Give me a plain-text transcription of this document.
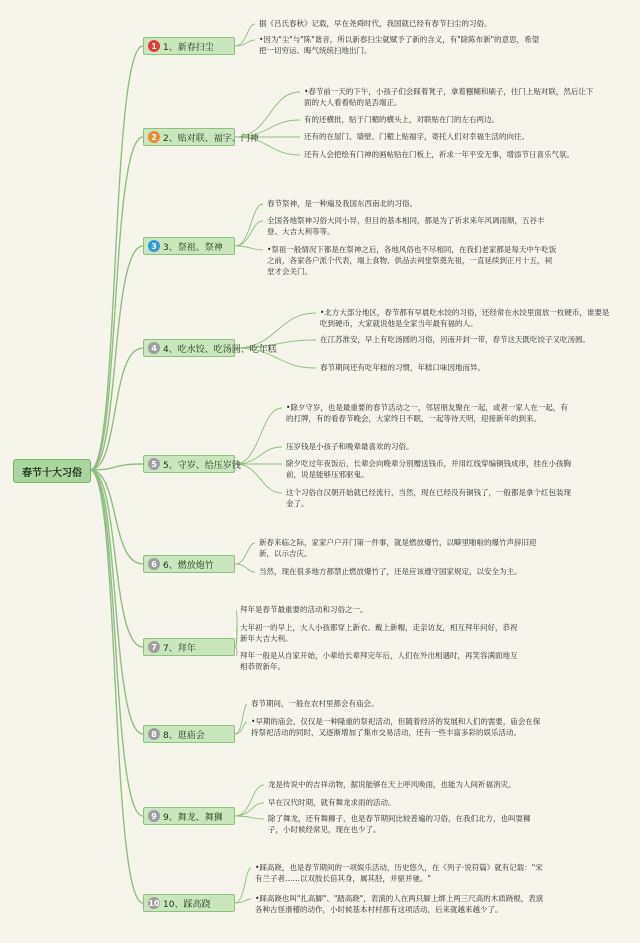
春节十大习俗
1 1、新春扫尘

据《吕氏春秋》记载，早在尧舜时代，我国就已经有春节扫尘的习俗。

•因为"尘"与"陈"谐音，所以新春扫尘就赋予了新的含义，有"除陈布新"的意思，希望把一切穷运、晦气统统扫地出门。

2 2、贴对联、福字、门神

•春节前一天的下午，小孩子们会踩着凳子，拿着糨糊和刷子，往门上贴对联，然后让下面的大人看看贴的是否端正。

有的还横批，贴于门楣的横头上，对联贴在门的左右两边。

还有的在屋门、墙壁、门楣上贴福字，寄托人们对幸福生活的向往。

还有人会把绘有门神的画帖贴在门板上，祈求一年平安无事，增添节日喜乐气氛。

3 3、祭祖、祭神

春节祭神，是一种遍及我国东西南北的习俗。

全国各地祭神习俗大同小异，但目的基本相同，都是为了祈求来年风调雨顺，五谷丰登、大吉大利等等。

•祭祖一般情况下都是在祭神之后，各地风俗也不尽相同，在我们老家都是每天中午吃饭之前，各家各户派个代表，端上食物、供品去祠堂祭奠先祖，一直延续到正月十五，祠堂才会关门。

4 4、吃水饺、吃汤圆、吃年糕

•北方大部分地区，春节都有早晨吃水饺的习俗，还经常在水饺里面放一枚硬币，谁要是吃到硬币，大家就说他是全家当年最有福的人。

在江苏淮安，早上有吃汤圆的习俗，河南开封一带，春节这天既吃饺子又吃汤圆。

春节期间还有吃年糕的习惯，年糕口味因地而异。

5 5、守岁、给压岁钱

•除夕守岁，也是最重要的春节活动之一，邻居朋友聚在一起，或者一家人在一起，有的打牌，有的看春节晚会，大家终日不眠，一起等待天明，迎接新年的到来。

压岁钱是小孩子和晚辈最喜欢的习俗。

除夕吃过年夜饭后，长辈会向晚辈分别赠送钱币，并用红线穿编铜钱成串，挂在小孩胸前，说是能够压邪驱鬼。

这个习俗自汉朝开始就已经流行，当然，现在已经没有铜钱了，一般都是拿个红包装现金了。

6 6、燃放炮竹

新春来临之际，家家户户开门第一件事，就是燃放爆竹，以噼里啪啦的爆竹声辞旧迎新，以示吉庆。

当然，现在很多地方都禁止燃放爆竹了，还是应该遵守国家规定，以安全为主。

7 7、拜年

拜年是春节最重要的活动和习俗之一。

大年初一的早上，大人小孩都穿上新衣、戴上新帽，走亲访友，相互拜年问好，恭祝新年大吉大利。

拜年一般是从自家开始，小辈给长辈拜完年后，人们在外出相遇时，再笑容满面地互相恭贺新年。

8 8、逛庙会

春节期间，一般在农村里都会有庙会。

•早期的庙会，仅仅是一种隆重的祭祀活动，但随着经济的发展和人们的需要，庙会在保持祭祀活动的同时，又逐渐增加了集市交易活动，还有一些丰富多彩的娱乐活动。

9 9、舞龙、舞狮

龙是传说中的吉祥动物，据说能够在天上呼风唤雨，也能为人间祈福消灾。

早在汉代时期，就有舞龙求雨的活动。

除了舞龙，还有舞狮子，也是春节期间比较普遍的习俗，在我们北方，也叫耍狮子，小时候经常见，现在也少了。

10 10、踩高跷

•踩高跷，也是春节期间的一项娱乐活动，历史悠久，在《列子·说符篇》就有记载："宋有兰子者……以双肢长倍其身，属其胫，并驱并驰。"

•踩高跷也叫"扎高脚"、"踏高跷"，表演的人在两只脚上绑上两三尺高的木质跷棍，表演各种古怪滑稽的动作，小时候基本村村都有这项活动，后来就越来越少了。
